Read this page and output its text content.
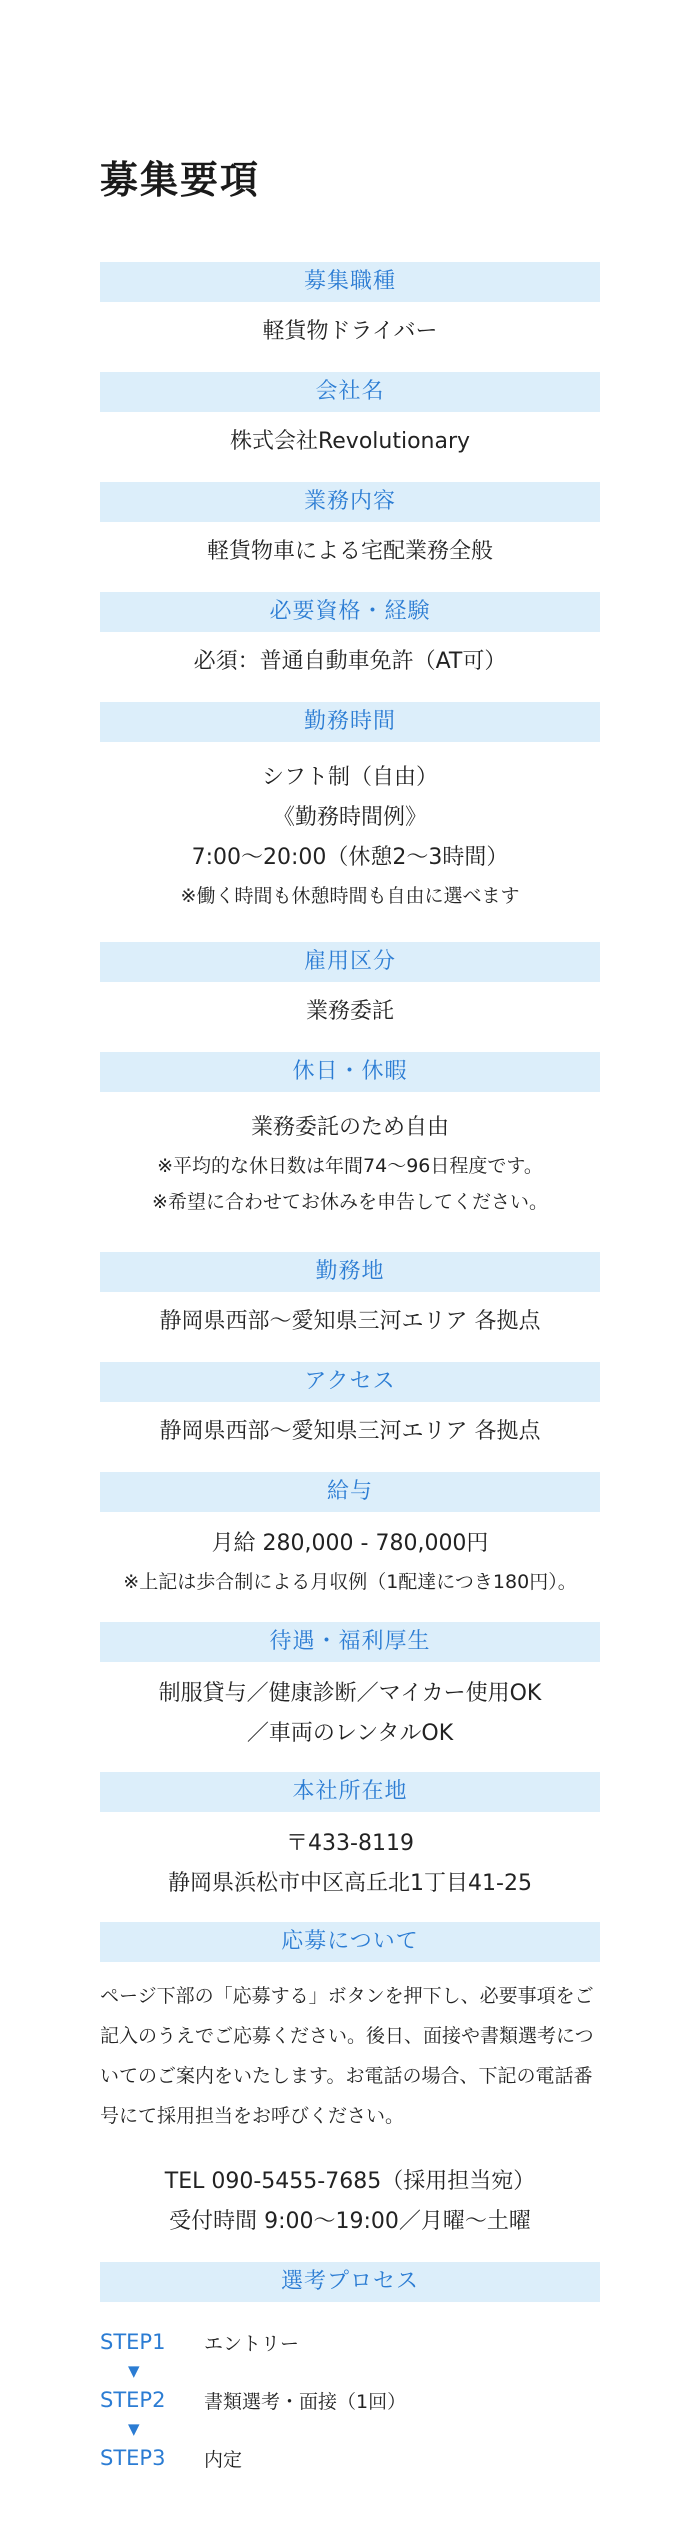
募集要項
募集職種
軽貨物ドライバー
会社名
株式会社Revolutionary
業務内容
軽貨物車による宅配業務全般
必要資格・経験
必須：普通自動車免許（AT可）
勤務時間
シフト制（自由）
《勤務時間例》
7:00〜20:00（休憩2〜3時間）
※働く時間も休憩時間も自由に選べます
雇用区分
業務委託
休日・休暇
業務委託のため自由
※平均的な休日数は年間74〜96日程度です。
※希望に合わせてお休みを申告してください。
勤務地
静岡県西部〜愛知県三河エリア 各拠点
アクセス
静岡県西部〜愛知県三河エリア 各拠点
給与
月給 280,000 - 780,000円
※上記は歩合制による月収例（1配達につき180円）。
待遇・福利厚生
制服貸与／健康診断／マイカー使用OK
／車両のレンタルOK
本社所在地
〒433-8119
静岡県浜松市中区高丘北1丁目41-25
応募について

ページ下部の「応募する」ボタンを押下し、必要事項をご記入のうえでご応募ください。後日、面接や書類選考についてのご案内をいたします。お電話の場合、下記の電話番号にて採用担当をお呼びください。

TEL 090-5455-7685（採用担当宛）
受付時間 9:00〜19:00／月曜〜土曜
選考プロセス
STEP1	エントリー
▼
STEP2	書類選考・面接（1回）
▼
STEP3	内定
